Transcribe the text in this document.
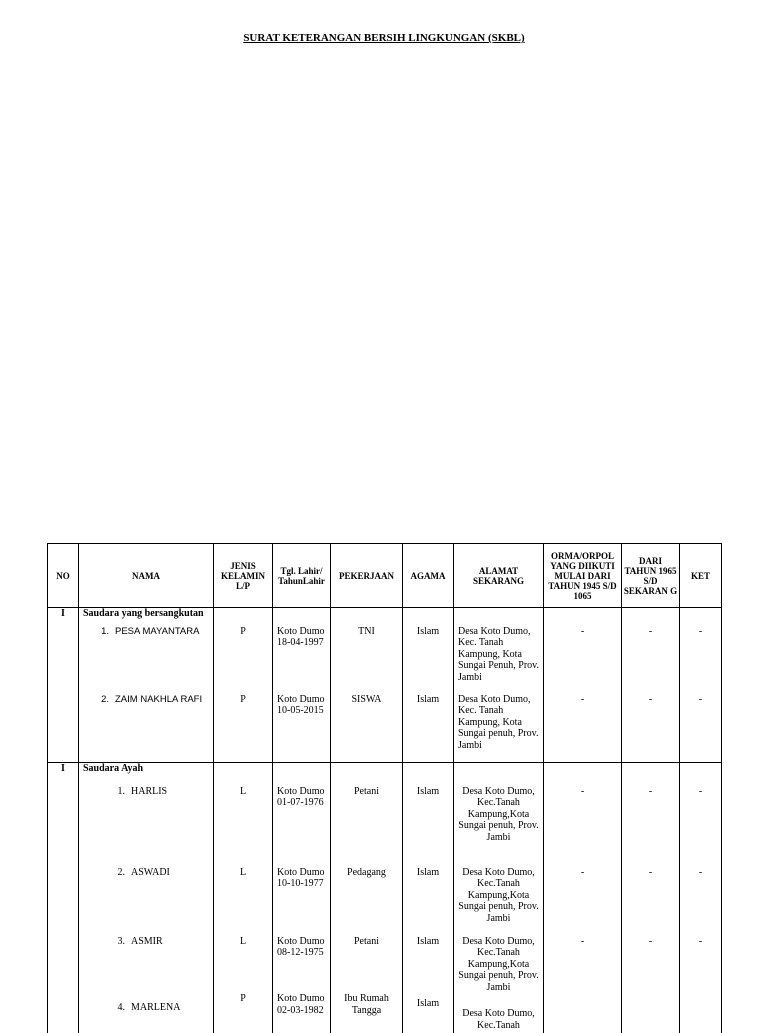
SURAT KETERANGAN BERSIH LINGKUNGAN (SKBL)
NO	NAMA	JENIS KELAMIN L/P	Tgl. Lahir/ TahunLahir	PEKERJAAN	AGAMA	ALAMAT SEKARANG	ORMA/ORPOL YANG DIIKUTI MULAI DARI TAHUN 1945 S/D 1065	DARI TAHUN 1965 S/D SEKARAN G	KET
I	Saudara yang bersangkutan								
	1. PESA MAYANTARA	P	Koto Dumo 18-04-1997	TNI	Islam	Desa Koto Dumo, Kec. Tanah Kampung, Kota Sungai Penuh, Prov. Jambi	-	-	-
	2. ZAIM NAKHLA RAFI	P	Koto Dumo 10-05-2015	SISWA	Islam	Desa Koto Dumo, Kec. Tanah Kampung, Kota Sungai penuh, Prov. Jambi	-	-	-
I	Saudara Ayah								
	1. HARLIS	L	Koto Dumo 01-07-1976	Petani	Islam	Desa Koto Dumo, Kec.Tanah Kampung,Kota Sungai penuh, Prov. Jambi	-	-	-
	2. ASWADI	L	Koto Dumo 10-10-1977	Pedagang	Islam	Desa Koto Dumo, Kec.Tanah Kampung,Kota Sungai penuh, Prov. Jambi	-	-	-
	3. ASMIR	L	Koto Dumo 08-12-1975	Petani	Islam	Desa Koto Dumo, Kec.Tanah Kampung,Kota Sungai penuh, Prov. Jambi	-	-	-
	4. MARLENA	P	Koto Dumo 02-03-1982	Ibu Rumah Tangga	Islam	Desa Koto Dumo, Kec.Tanah			
